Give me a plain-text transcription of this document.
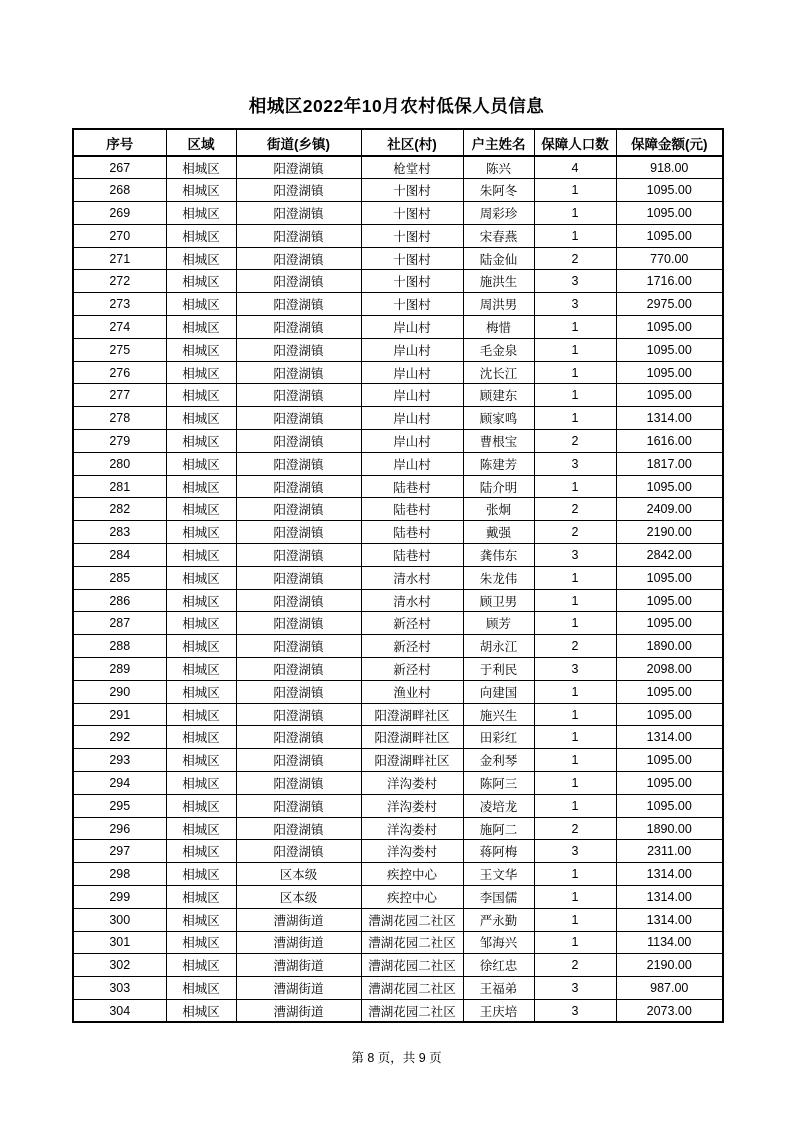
相城区2022年10月农村低保人员信息
序号	区域	街道(乡镇)	社区(村)	户主姓名	保障人口数	保障金额(元)
267	相城区	阳澄湖镇	枪堂村	陈兴	4	918.00
268	相城区	阳澄湖镇	十图村	朱阿冬	1	1095.00
269	相城区	阳澄湖镇	十图村	周彩珍	1	1095.00
270	相城区	阳澄湖镇	十图村	宋春燕	1	1095.00
271	相城区	阳澄湖镇	十图村	陆金仙	2	770.00
272	相城区	阳澄湖镇	十图村	施洪生	3	1716.00
273	相城区	阳澄湖镇	十图村	周洪男	3	2975.00
274	相城区	阳澄湖镇	岸山村	梅惜	1	1095.00
275	相城区	阳澄湖镇	岸山村	毛金泉	1	1095.00
276	相城区	阳澄湖镇	岸山村	沈长江	1	1095.00
277	相城区	阳澄湖镇	岸山村	顾建东	1	1095.00
278	相城区	阳澄湖镇	岸山村	顾家鸣	1	1314.00
279	相城区	阳澄湖镇	岸山村	曹根宝	2	1616.00
280	相城区	阳澄湖镇	岸山村	陈建芳	3	1817.00
281	相城区	阳澄湖镇	陆巷村	陆介明	1	1095.00
282	相城区	阳澄湖镇	陆巷村	张炯	2	2409.00
283	相城区	阳澄湖镇	陆巷村	戴强	2	2190.00
284	相城区	阳澄湖镇	陆巷村	龚伟东	3	2842.00
285	相城区	阳澄湖镇	清水村	朱龙伟	1	1095.00
286	相城区	阳澄湖镇	清水村	顾卫男	1	1095.00
287	相城区	阳澄湖镇	新泾村	顾芳	1	1095.00
288	相城区	阳澄湖镇	新泾村	胡永江	2	1890.00
289	相城区	阳澄湖镇	新泾村	于利民	3	2098.00
290	相城区	阳澄湖镇	渔业村	向建国	1	1095.00
291	相城区	阳澄湖镇	阳澄湖畔社区	施兴生	1	1095.00
292	相城区	阳澄湖镇	阳澄湖畔社区	田彩红	1	1314.00
293	相城区	阳澄湖镇	阳澄湖畔社区	金利琴	1	1095.00
294	相城区	阳澄湖镇	洋沟娄村	陈阿三	1	1095.00
295	相城区	阳澄湖镇	洋沟娄村	凌培龙	1	1095.00
296	相城区	阳澄湖镇	洋沟娄村	施阿二	2	1890.00
297	相城区	阳澄湖镇	洋沟娄村	蒋阿梅	3	2311.00
298	相城区	区本级	疾控中心	王文华	1	1314.00
299	相城区	区本级	疾控中心	李国儒	1	1314.00
300	相城区	漕湖街道	漕湖花园二社区	严永勤	1	1314.00
301	相城区	漕湖街道	漕湖花园二社区	邹海兴	1	1134.00
302	相城区	漕湖街道	漕湖花园二社区	徐红忠	2	2190.00
303	相城区	漕湖街道	漕湖花园二社区	王福弟	3	987.00
304	相城区	漕湖街道	漕湖花园二社区	王庆培	3	2073.00
第 8 页，共 9 页
